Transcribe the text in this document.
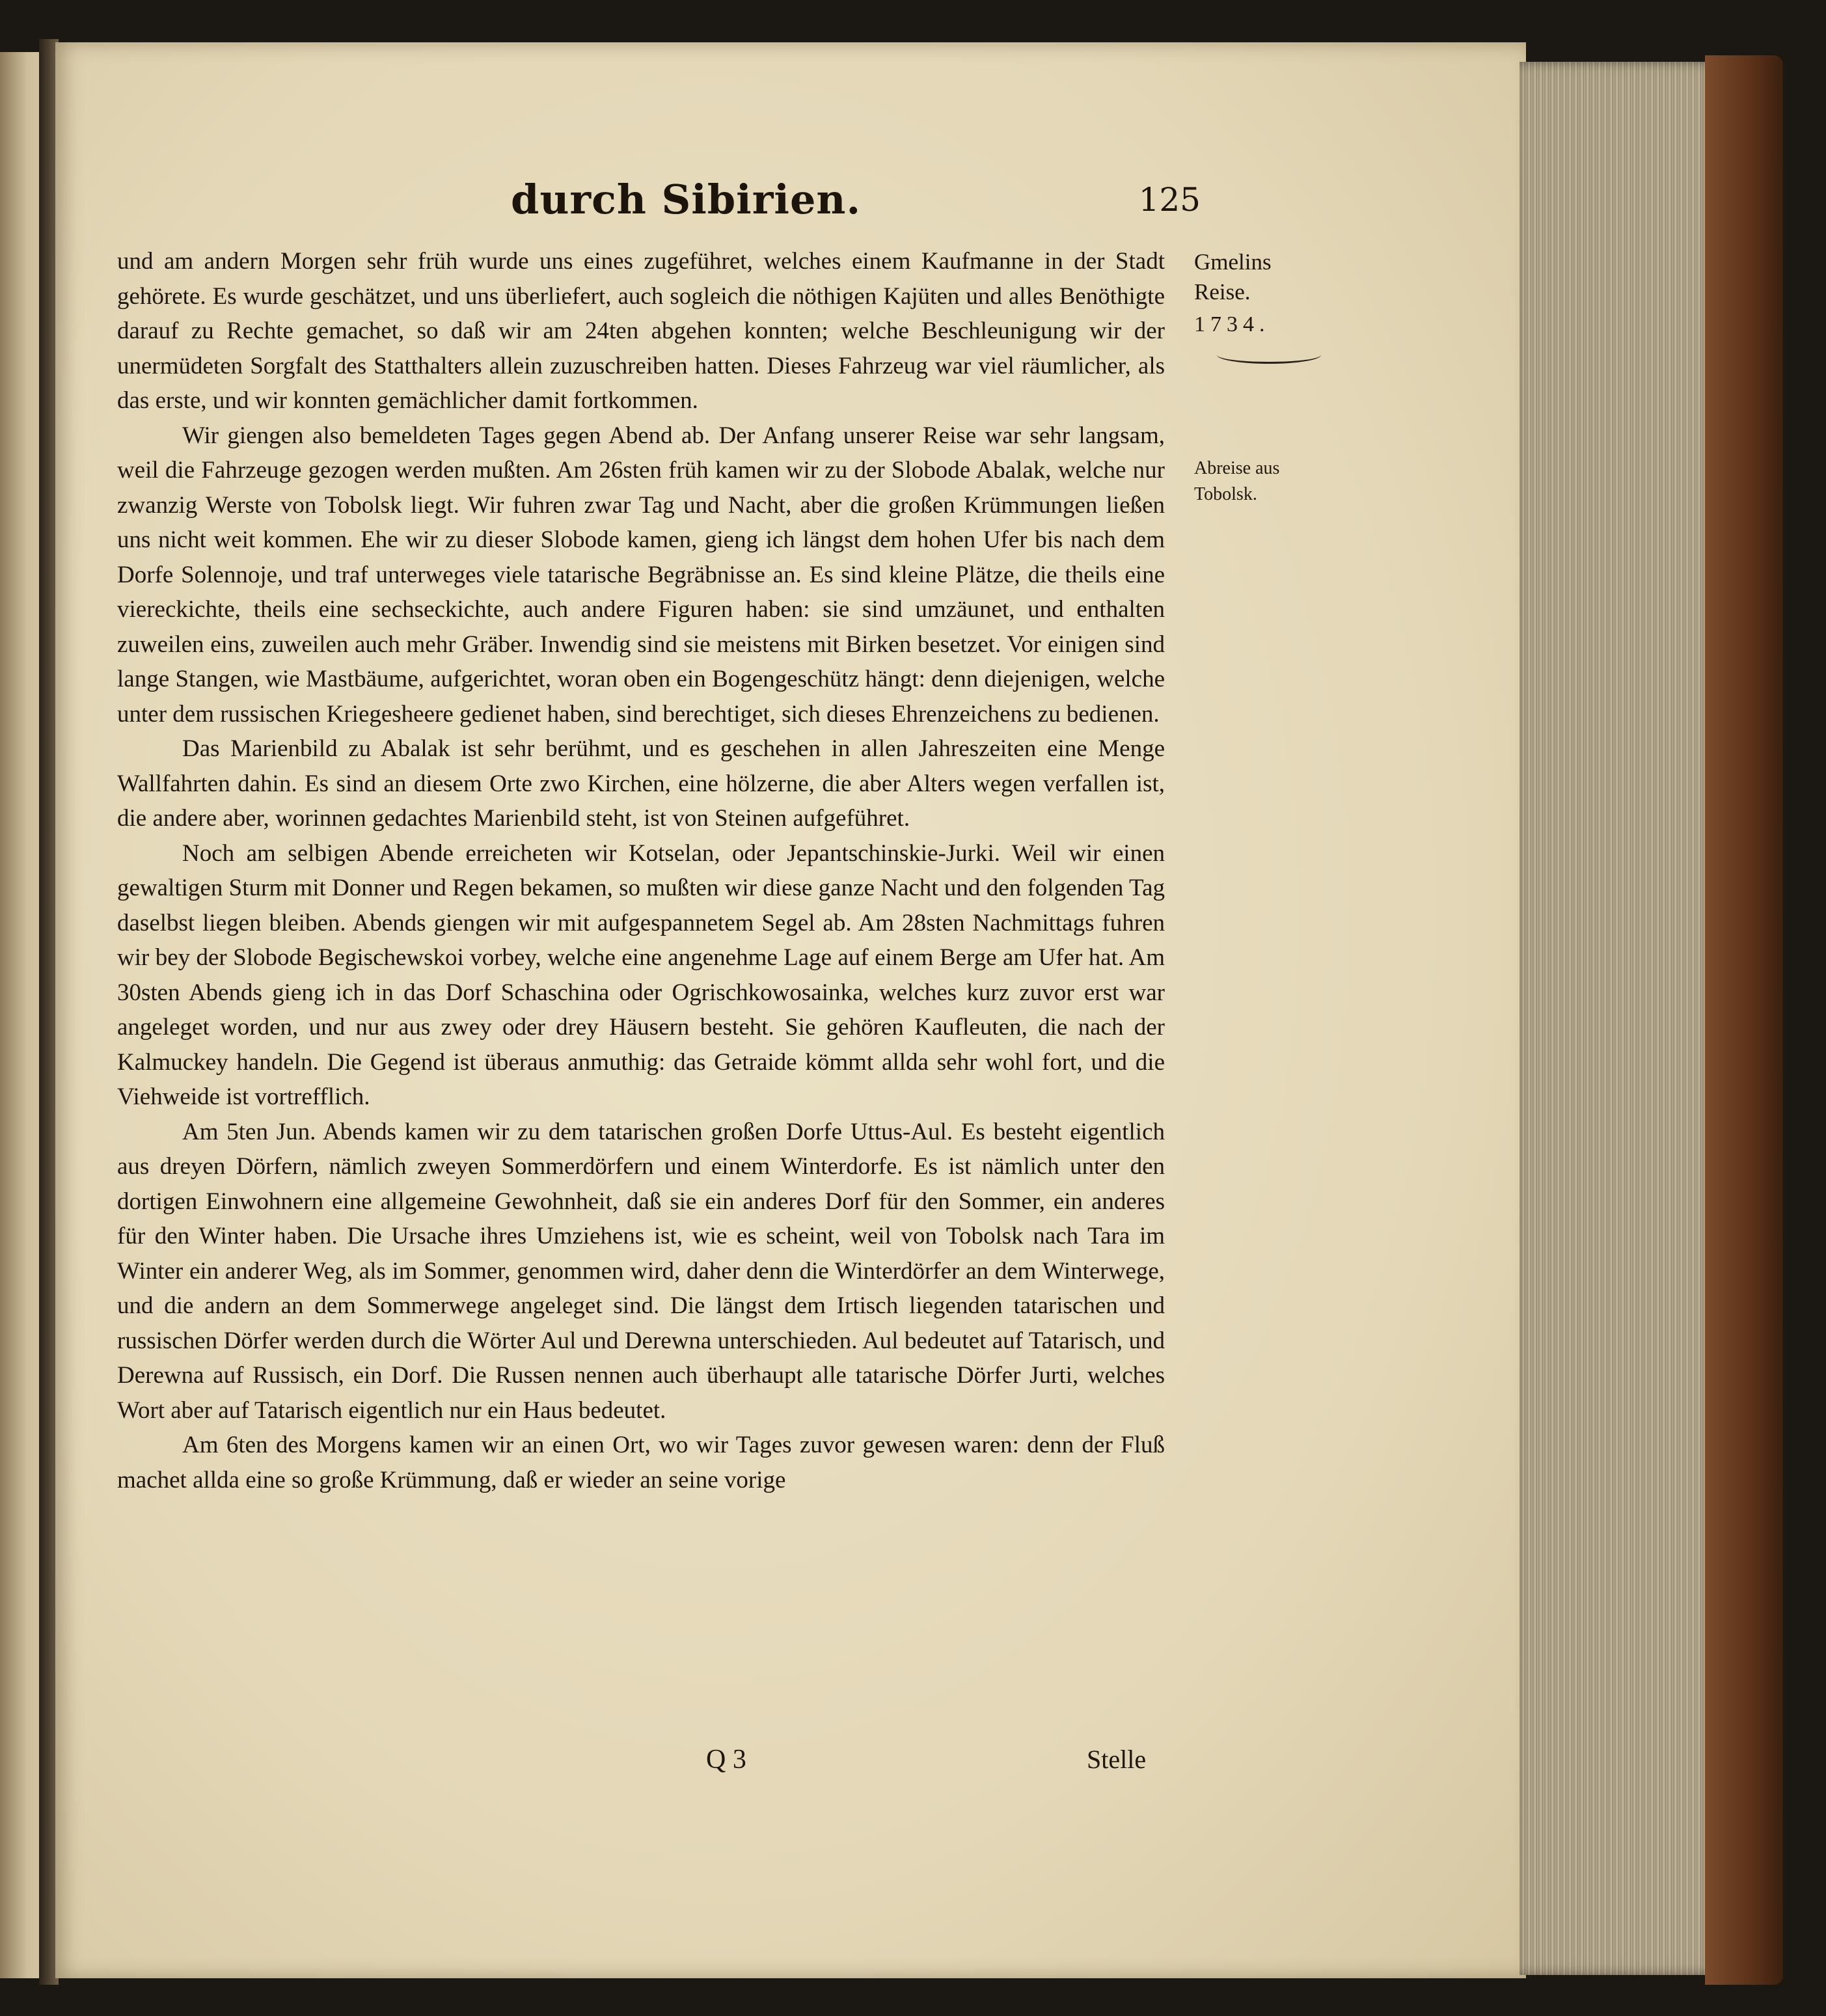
durch Sibirien.	125
Gmelins Reise.
1734.
Abreise aus Tobolsk.

und am andern Morgen sehr früh wurde uns eines zugeführet, welches einem Kaufmanne in der Stadt gehörete. Es wurde geschätzet, und uns überliefert, auch sogleich die nöthigen Kajüten und alles Benöthigte darauf zu Rechte gemachet, so daß wir am 24ten abgehen konnten; welche Beschleunigung wir der unermüdeten Sorgfalt des Statthalters allein zuzuschreiben hatten. Dieses Fahrzeug war viel räumlicher, als das erste, und wir konnten gemächlicher damit fortkommen.

Wir giengen also bemeldeten Tages gegen Abend ab. Der Anfang unserer Reise war sehr langsam, weil die Fahrzeuge gezogen werden mußten. Am 26sten früh kamen wir zu der Slobode Abalak, welche nur zwanzig Werste von Tobolsk liegt. Wir fuhren zwar Tag und Nacht, aber die großen Krümmungen ließen uns nicht weit kommen. Ehe wir zu dieser Slobode kamen, gieng ich längst dem hohen Ufer bis nach dem Dorfe Solennoje, und traf unterweges viele tatarische Begräbnisse an. Es sind kleine Plätze, die theils eine viereckichte, theils eine sechseckichte, auch andere Figuren haben: sie sind umzäunet, und enthalten zuweilen eins, zuweilen auch mehr Gräber. Inwendig sind sie meistens mit Birken besetzet. Vor einigen sind lange Stangen, wie Mastbäume, aufgerichtet, woran oben ein Bogengeschütz hängt: denn diejenigen, welche unter dem russischen Kriegesheere gedienet haben, sind berechtiget, sich dieses Ehrenzeichens zu bedienen.

Das Marienbild zu Abalak ist sehr berühmt, und es geschehen in allen Jahreszeiten eine Menge Wallfahrten dahin. Es sind an diesem Orte zwo Kirchen, eine hölzerne, die aber Alters wegen verfallen ist, die andere aber, worinnen gedachtes Marienbild steht, ist von Steinen aufgeführet.

Noch am selbigen Abende erreicheten wir Kotselan, oder Jepantschinskie-Jurki. Weil wir einen gewaltigen Sturm mit Donner und Regen bekamen, so mußten wir diese ganze Nacht und den folgenden Tag daselbst liegen bleiben. Abends giengen wir mit aufgespannetem Segel ab. Am 28sten Nachmittags fuhren wir bey der Slobode Begischewskoi vorbey, welche eine angenehme Lage auf einem Berge am Ufer hat. Am 30sten Abends gieng ich in das Dorf Schaschina oder Ogrischkowosainka, welches kurz zuvor erst war angeleget worden, und nur aus zwey oder drey Häusern besteht. Sie gehören Kaufleuten, die nach der Kalmuckey handeln. Die Gegend ist überaus anmuthig: das Getraide kömmt allda sehr wohl fort, und die Viehweide ist vortrefflich.

Am 5ten Jun. Abends kamen wir zu dem tatarischen großen Dorfe Uttus-Aul. Es besteht eigentlich aus dreyen Dörfern, nämlich zweyen Sommerdörfern und einem Winterdorfe. Es ist nämlich unter den dortigen Einwohnern eine allgemeine Gewohnheit, daß sie ein anderes Dorf für den Sommer, ein anderes für den Winter haben. Die Ursache ihres Umziehens ist, wie es scheint, weil von Tobolsk nach Tara im Winter ein anderer Weg, als im Sommer, genommen wird, daher denn die Winterdörfer an dem Winterwege, und die andern an dem Sommerwege angeleget sind. Die längst dem Irtisch liegenden tatarischen und russischen Dörfer werden durch die Wörter Aul und Derewna unterschieden. Aul bedeutet auf Tatarisch, und Derewna auf Russisch, ein Dorf. Die Russen nennen auch überhaupt alle tatarische Dörfer Jurti, welches Wort aber auf Tatarisch eigentlich nur ein Haus bedeutet.

Am 6ten des Morgens kamen wir an einen Ort, wo wir Tages zuvor gewesen waren: denn der Fluß machet allda eine so große Krümmung, daß er wieder an seine vorige

Q 3	Stelle
